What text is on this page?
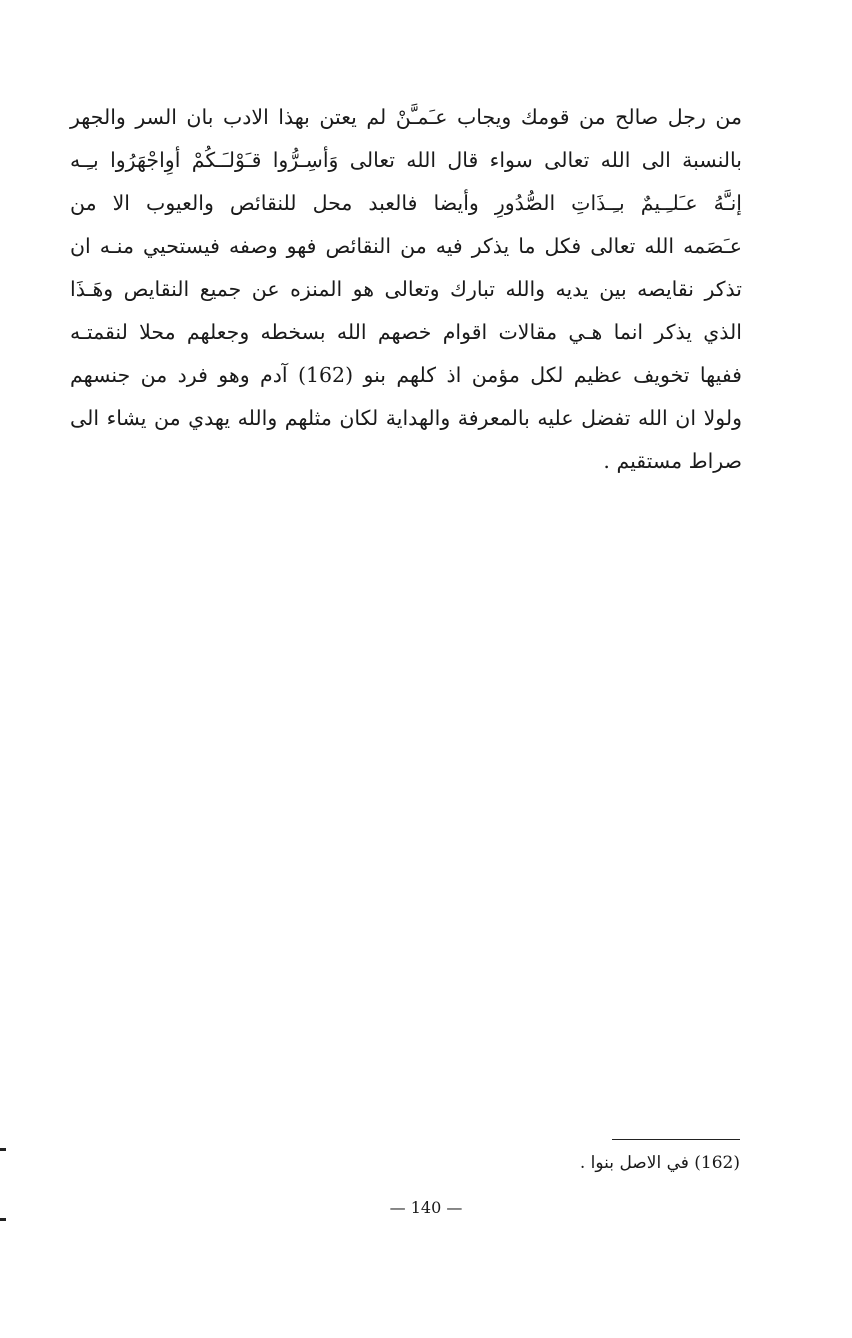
من رجل صالح من قومك ويجاب عـَمـَّنْ لم يعتن بهذا الادب بان السر والجهر
بالنسبة الى الله تعالى سواء قال الله تعالى وَأسِـرُّوا قـَوْلـَـكُمْ أوِاجْهَرُوا بـِـه
إنـَّهُ عـَلـِـيمٌ بـِـذَاتِ الصُّدُورِ وأيضا فالعبد محل للنقائص والعيوب الا من
عـَصَمه الله تعالى فكل ما يذكر فيه من النقائص فهو وصفه فيستحيي منـه ان
تذكر نقايصه بين يديه والله تبارك وتعالى هو المنزه عن جميع النقايص وهَـذَا
الذي يذكر انما هـي مقالات اقوام خصهم الله بسخطه وجعلهم محلا لنقمتـه
ففيها تخويف عظيم لكل مؤمن اذ كلهم بنو (162) آدم وهو فرد من جنسهم
ولولا ان الله تفضل عليه بالمعرفة والهداية لكان مثلهم والله يهدي من يشاء الى
صراط مستقيم .
(162) في الاصل بنوا .
— 140 —
